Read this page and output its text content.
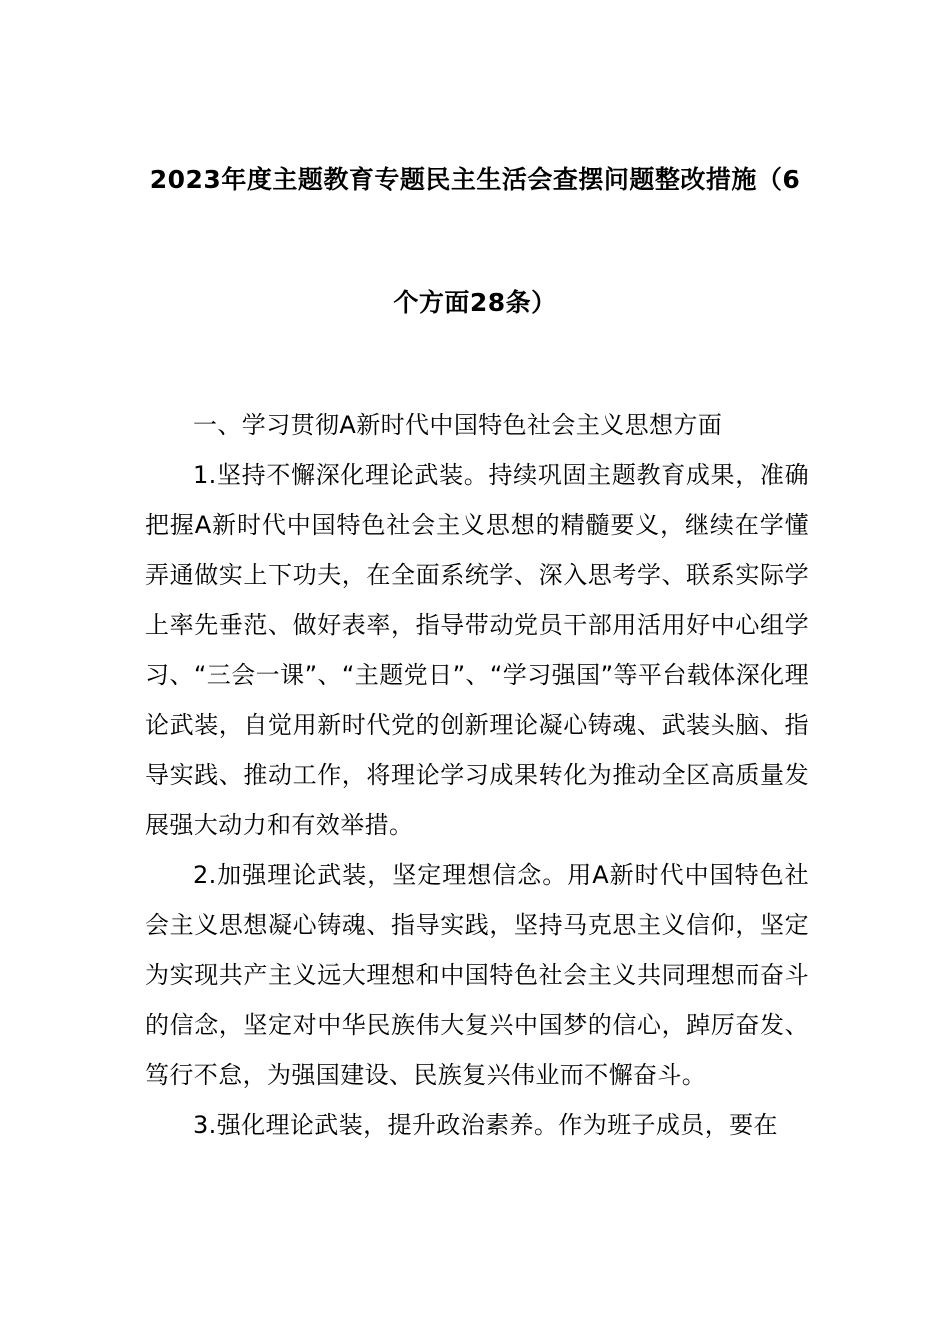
2023年度主题教育专题民主生活会查摆问题整改措施（6
个方面28条）

一、学习贯彻A新时代中国特色社会主义思想方面

1.坚持不懈深化理论武装。持续巩固主题教育成果，准确把握A新时代中国特色社会主义思想的精髓要义，继续在学懂弄通做实上下功夫，在全面系统学、深入思考学、联系实际学上率先垂范、做好表率，指导带动党员干部用活用好中心组学习、“三会一课”、“主题党日”、“学习强国”等平台载体深化理论武装，自觉用新时代党的创新理论凝心铸魂、武装头脑、指导实践、推动工作，将理论学习成果转化为推动全区高质量发展强大动力和有效举措。

2.加强理论武装，坚定理想信念。用A新时代中国特色社会主义思想凝心铸魂、指导实践，坚持马克思主义信仰，坚定为实现共产主义远大理想和中国特色社会主义共同理想而奋斗的信念，坚定对中华民族伟大复兴中国梦的信心，踔厉奋发、笃行不怠，为强国建设、民族复兴伟业而不懈奋斗。

3.强化理论武装，提升政治素养。作为班子成员，要在
